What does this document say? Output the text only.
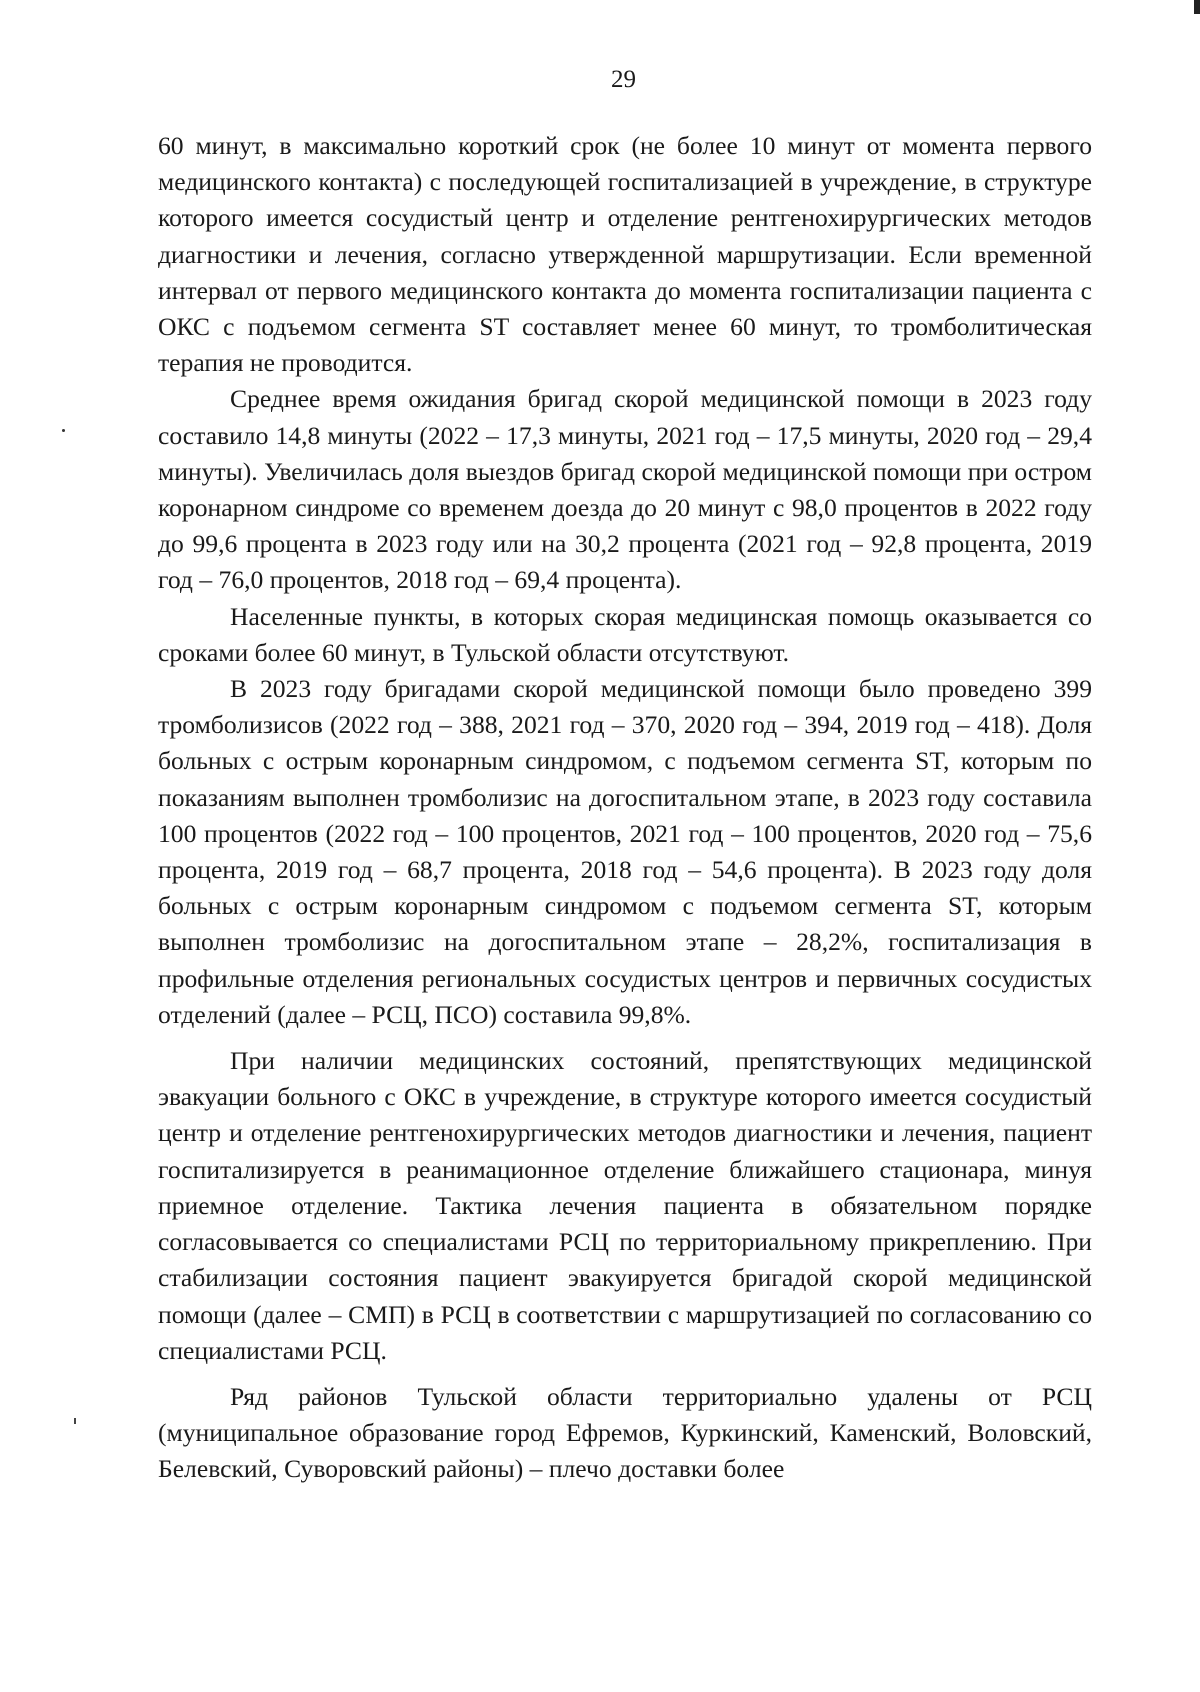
29

60 минут, в максимально короткий срок (не более 10 минут от момента первого медицинского контакта) с последующей госпитализацией в учреждение, в структуре которого имеется сосудистый центр и отделение рентгенохирургических методов диагностики и лечения, согласно утвержденной маршрутизации. Если временной интервал от первого медицинского контакта до момента госпитализации пациента с ОКС с подъемом сегмента ST составляет менее 60 минут, то тромболитическая терапия не проводится.

Среднее время ожидания бригад скорой медицинской помощи в 2023 году составило 14,8 минуты (2022 – 17,3 минуты, 2021 год – 17,5 минуты, 2020 год – 29,4 минуты). Увеличилась доля выездов бригад скорой медицинской помощи при остром коронарном синдроме со временем доезда до 20 минут с 98,0 процентов в 2022 году до 99,6 процента в 2023 году или на 30,2 процента (2021 год – 92,8 процента, 2019 год – 76,0 процентов, 2018 год – 69,4 процента).

Населенные пункты, в которых скорая медицинская помощь оказывается со сроками более 60 минут, в Тульской области отсутствуют.

В 2023 году бригадами скорой медицинской помощи было проведено 399 тромболизисов (2022 год – 388, 2021 год – 370, 2020 год – 394, 2019 год – 418). Доля больных с острым коронарным синдромом, с подъемом сегмента ST, которым по показаниям выполнен тромболизис на догоспитальном этапе, в 2023 году составила 100 процентов (2022 год – 100 процентов, 2021 год – 100 процентов, 2020 год – 75,6 процента, 2019 год – 68,7 процента, 2018 год – 54,6 процента). В 2023 году доля больных с острым коронарным синдромом с подъемом сегмента ST, которым выполнен тромболизис на догоспитальном этапе – 28,2%, госпитализация в профильные отделения региональных сосудистых центров и первичных сосудистых отделений (далее – РСЦ, ПСО) составила 99,8%.

При наличии медицинских состояний, препятствующих медицинской эвакуации больного с ОКС в учреждение, в структуре которого имеется сосудистый центр и отделение рентгенохирургических методов диагностики и лечения, пациент госпитализируется в реанимационное отделение ближайшего стационара, минуя приемное отделение. Тактика лечения пациента в обязательном порядке согласовывается со специалистами РСЦ по территориальному прикреплению. При стабилизации состояния пациент эвакуируется бригадой скорой медицинской помощи (далее – СМП) в РСЦ в соответствии с маршрутизацией по согласованию со специалистами РСЦ.

Ряд районов Тульской области территориально удалены от РСЦ (муниципальное образование город Ефремов, Куркинский, Каменский, Воловский, Белевский, Суворовский районы) – плечо доставки более
